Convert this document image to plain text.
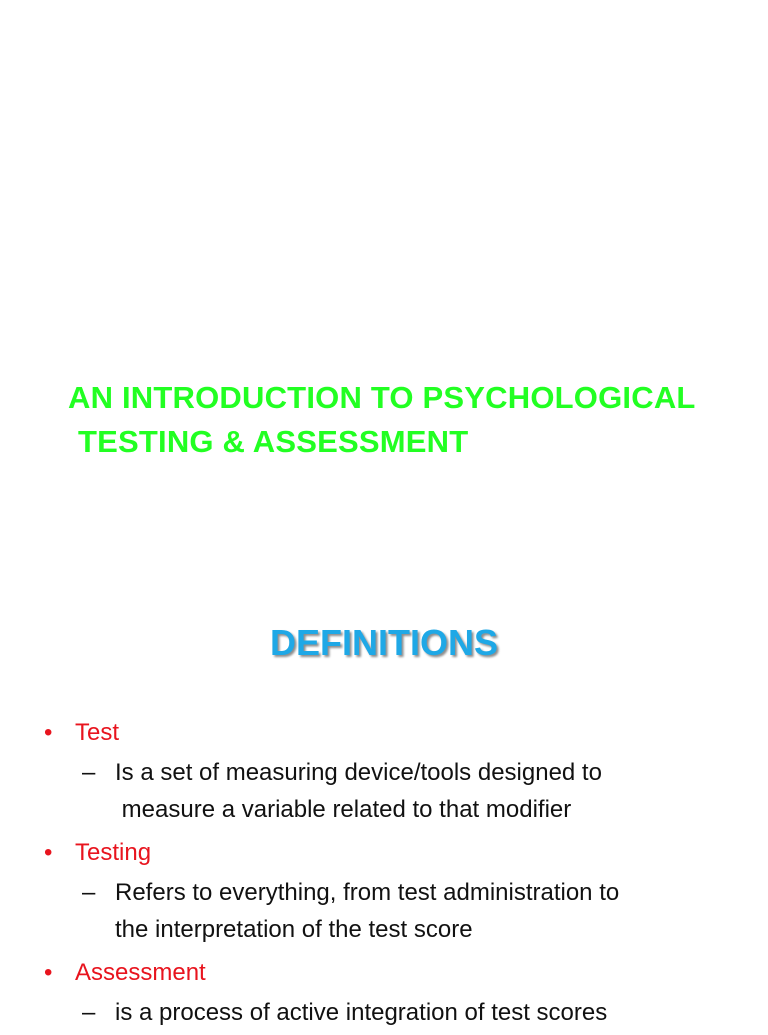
AN INTRODUCTION TO PSYCHOLOGICAL
TESTING & ASSESSMENT
DEFINITIONS
• Test
– Is a set of measuring device/tools designed to
measure a variable related to that modifier
• Testing
– Refers to everything, from test administration to
the interpretation of the test score
• Assessment
– is a process of active integration of test scores
